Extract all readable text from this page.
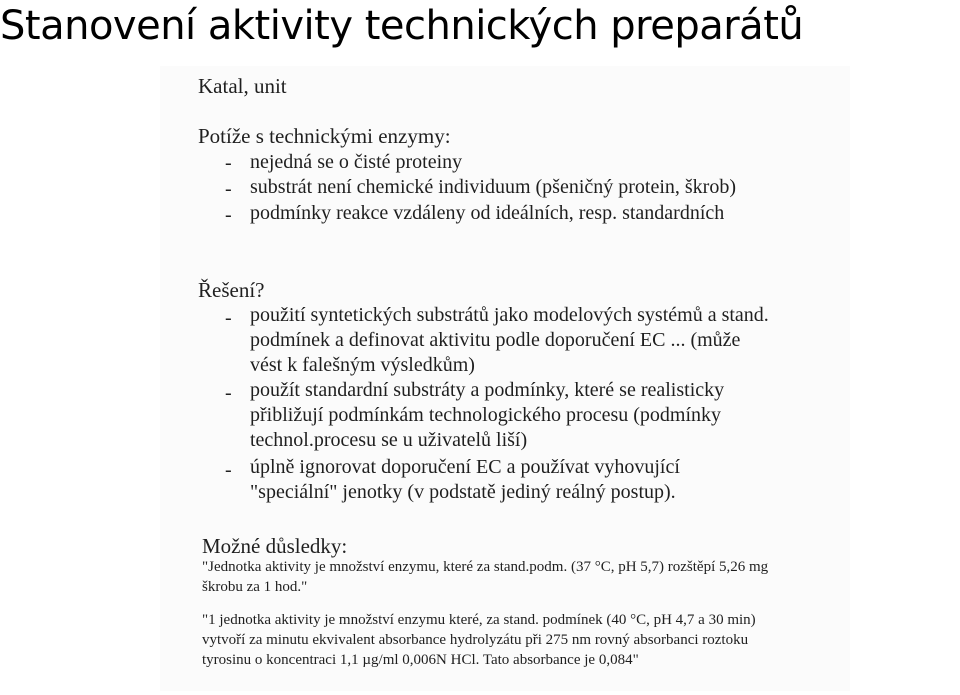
Stanovení aktivity technických preparátů
Katal, unit
Potíže s technickými enzymy:
- nejedná se o čisté proteiny
- substrát není chemické individuum (pšeničný protein, škrob)
- podmínky reakce vzdáleny od ideálních, resp. standardních
Řešení?
- použití syntetických substrátů jako modelových systémů a stand.
podmínek a definovat aktivitu podle doporučení EC ... (může
vést k falešným výsledkům)
- použít standardní substráty a podmínky, které se realisticky
přibližují podmínkám technologického procesu (podmínky
technol.procesu se u uživatelů liší)
- úplně ignorovat doporučení EC a používat vyhovující
"speciální" jenotky (v podstatě jediný reálný postup).
Možné důsledky:
"Jednotka aktivity je množství enzymu, které za stand.podm. (37 °C, pH 5,7) rozštěpí 5,26 mg
škrobu za 1 hod."
"1 jednotka aktivity je množství enzymu které, za stand. podmínek (40 °C, pH 4,7 a 30 min)
vytvoří za minutu ekvivalent absorbance hydrolyzátu při 275 nm rovný absorbanci roztoku
tyrosinu o koncentraci 1,1 µg/ml 0,006N HCl. Tato absorbance je 0,084"
